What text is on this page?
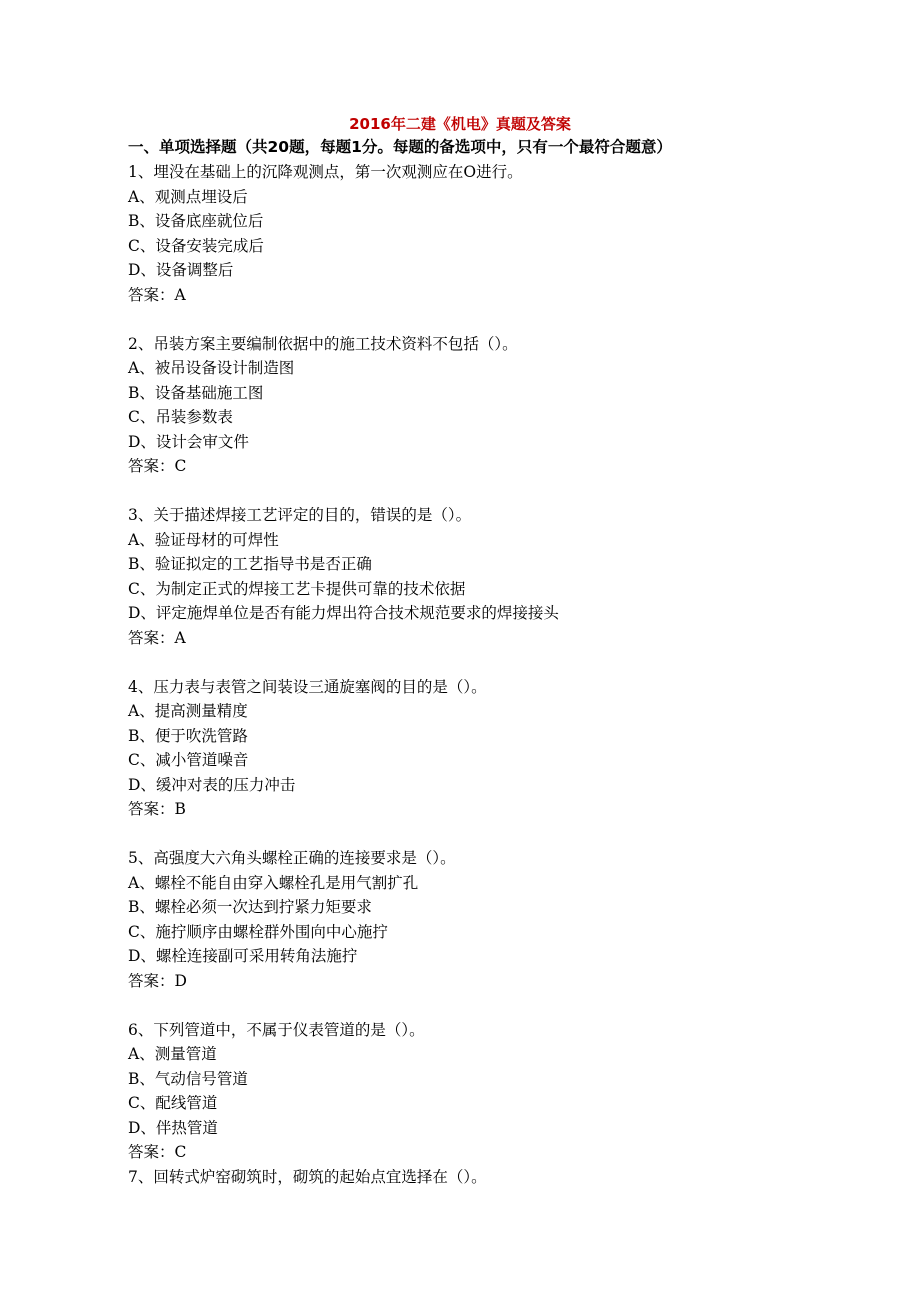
2016年二建《机电》真题及答案
一、单项选择题（共20题，每题1分。每题的备选项中，只有一个最符合题意）
1、埋没在基础上的沉降观测点，第一次观测应在O进行。
A、观测点埋设后
B、设备底座就位后
C、设备安装完成后
D、设备调整后
答案：A
2、吊装方案主要编制依据中的施工技术资料不包括（）。
A、被吊设备设计制造图
B、设备基础施工图
C、吊装参数表
D、设计会审文件
答案：C
3、关于描述焊接工艺评定的目的，错误的是（）。
A、验证母材的可焊性
B、验证拟定的工艺指导书是否正确
C、为制定正式的焊接工艺卡提供可靠的技术依据
D、评定施焊单位是否有能力焊出符合技术规范要求的焊接接头
答案：A
4、压力表与表管之间装设三通旋塞阀的目的是（）。
A、提高测量精度
B、便于吹洗管路
C、减小管道噪音
D、缓冲对表的压力冲击
答案：B
5、高强度大六角头螺栓正确的连接要求是（）。
A、螺栓不能自由穿入螺栓孔是用气割扩孔
B、螺栓必须一次达到拧紧力矩要求
C、施拧顺序由螺栓群外围向中心施拧
D、螺栓连接副可采用转角法施拧
答案：D
6、下列管道中，不属于仪表管道的是（）。
A、测量管道
B、气动信号管道
C、配线管道
D、伴热管道
答案：C
7、回转式炉窑砌筑时，砌筑的起始点宜选择在（）。
